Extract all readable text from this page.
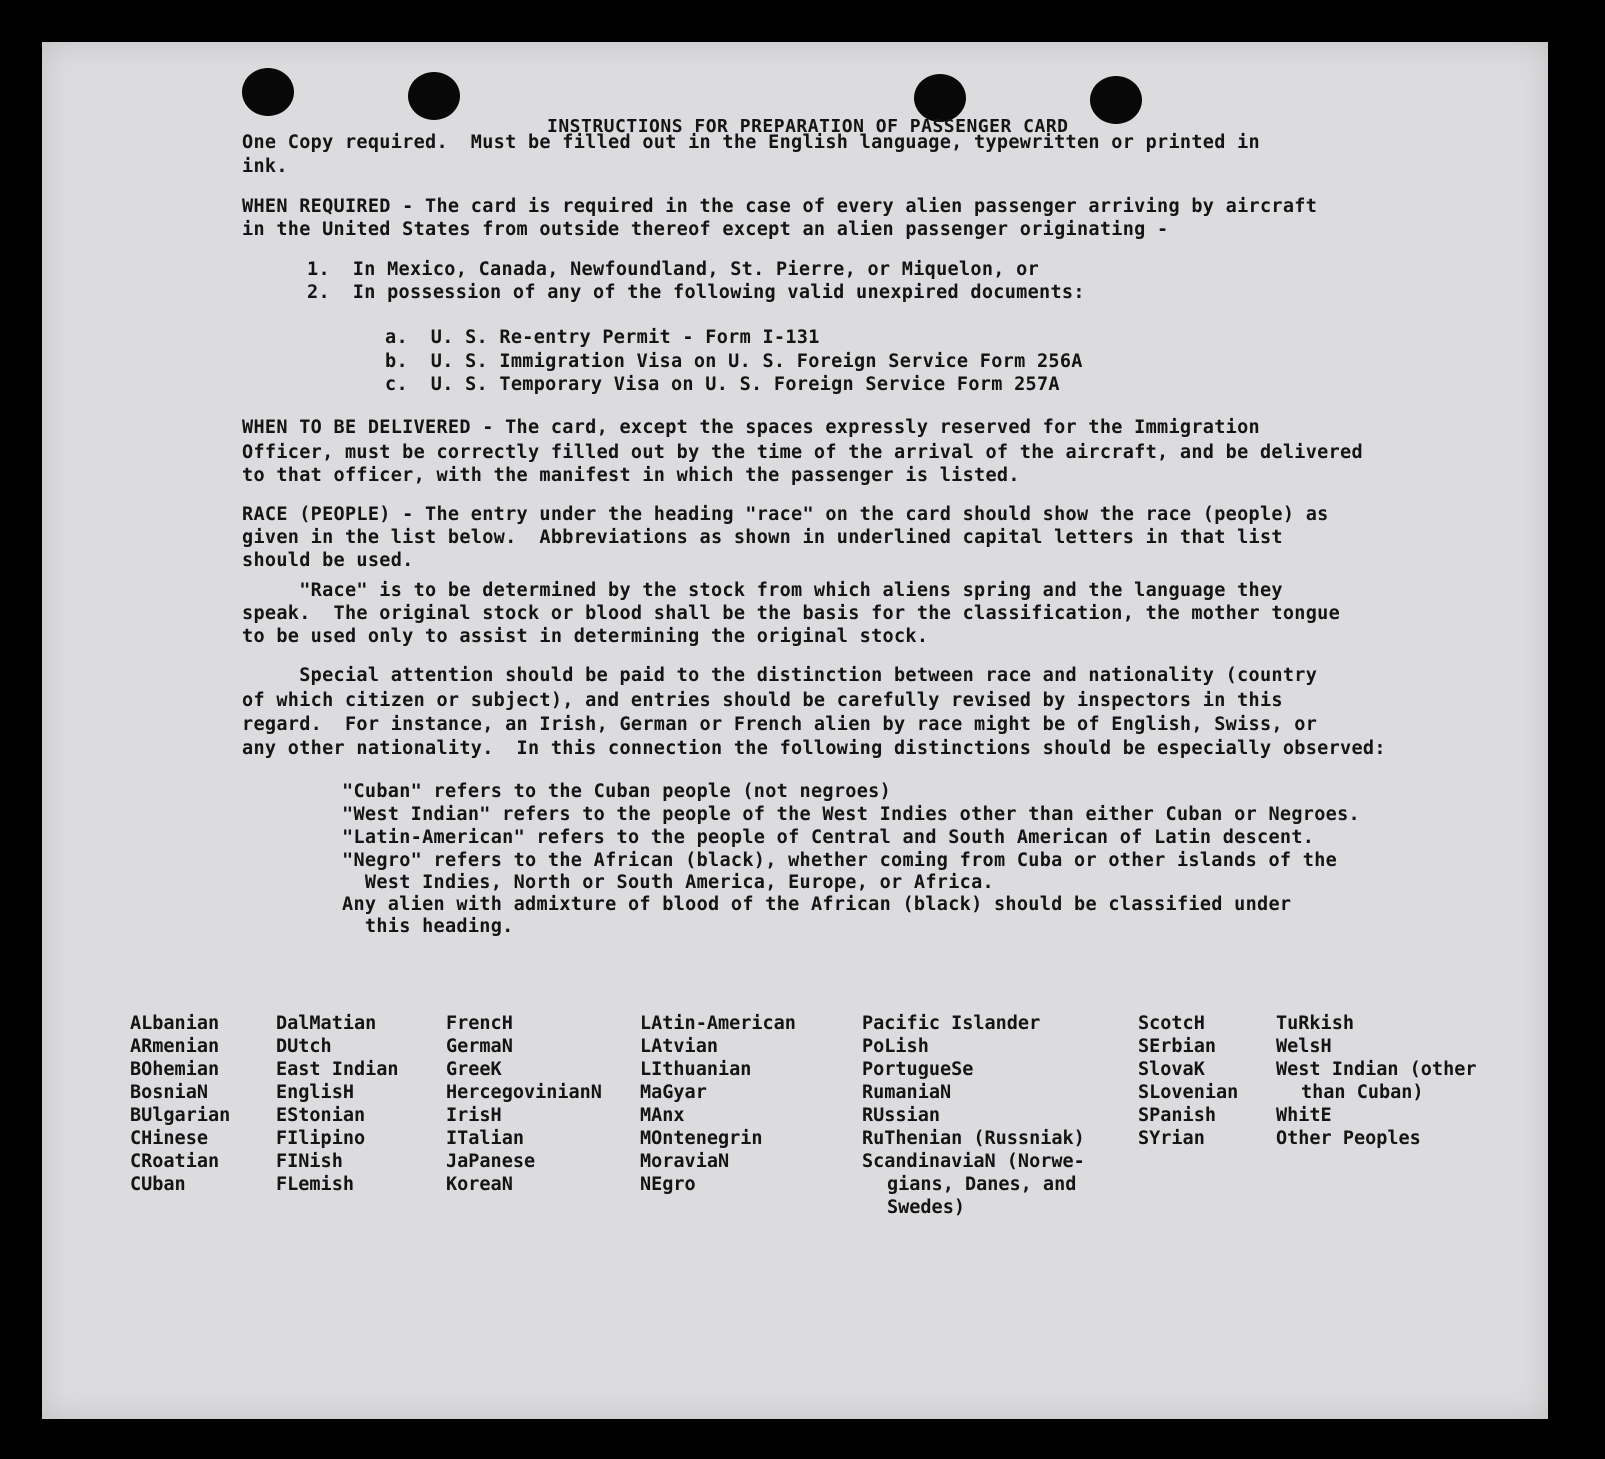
INSTRUCTIONS FOR PREPARATION OF PASSENGER CARD
One Copy required.  Must be filled out in the English language, typewritten or printed in
ink.
WHEN REQUIRED - The card is required in the case of every alien passenger arriving by aircraft
in the United States from outside thereof except an alien passenger originating -
1.  In Mexico, Canada, Newfoundland, St. Pierre, or Miquelon, or
2.  In possession of any of the following valid unexpired documents:
a.  U. S. Re-entry Permit - Form I-131
b.  U. S. Immigration Visa on U. S. Foreign Service Form 256A
c.  U. S. Temporary Visa on U. S. Foreign Service Form 257A
WHEN TO BE DELIVERED - The card, except the spaces expressly reserved for the Immigration
Officer, must be correctly filled out by the time of the arrival of the aircraft, and be delivered
to that officer, with the manifest in which the passenger is listed.
RACE (PEOPLE) - The entry under the heading "race" on the card should show the race (people) as
given in the list below.  Abbreviations as shown in underlined capital letters in that list
should be used.
"Race" is to be determined by the stock from which aliens spring and the language they
speak.  The original stock or blood shall be the basis for the classification, the mother tongue
to be used only to assist in determining the original stock.
Special attention should be paid to the distinction between race and nationality (country
of which citizen or subject), and entries should be carefully revised by inspectors in this
regard.  For instance, an Irish, German or French alien by race might be of English, Swiss, or
any other nationality.  In this connection the following distinctions should be especially observed:
"Cuban" refers to the Cuban people (not negroes)
"West Indian" refers to the people of the West Indies other than either Cuban or Negroes.
"Latin-American" refers to the people of Central and South American of Latin descent.
"Negro" refers to the African (black), whether coming from Cuba or other islands of the
West Indies, North or South America, Europe, or Africa.
Any alien with admixture of blood of the African (black) should be classified under
this heading.
ALbanian
ARmenian
BOhemian
BosniaN
BUlgarian
CHinese
CRoatian
CUban
DalMatian
DUtch
East Indian
EnglisH
EStonian
FIlipino
FINish
FLemish
FrencH
GermaN
GreeK
HercegovinianN
IrisH
ITalian
JaPanese
KoreaN
LAtin-American
LAtvian
LIthuanian
MaGyar
MAnx
MOntenegrin
MoraviaN
NEgro
Pacific Islander
PoLish
PortugueSe
RumaniaN
RUssian
RuThenian (Russniak)
ScandinaviaN (Norwe-
gians, Danes, and
Swedes)
ScotcH
SErbian
SlovaK
SLovenian
SPanish
SYrian
TuRkish
WelsH
West Indian (other
than Cuban)
WhitE
Other Peoples
